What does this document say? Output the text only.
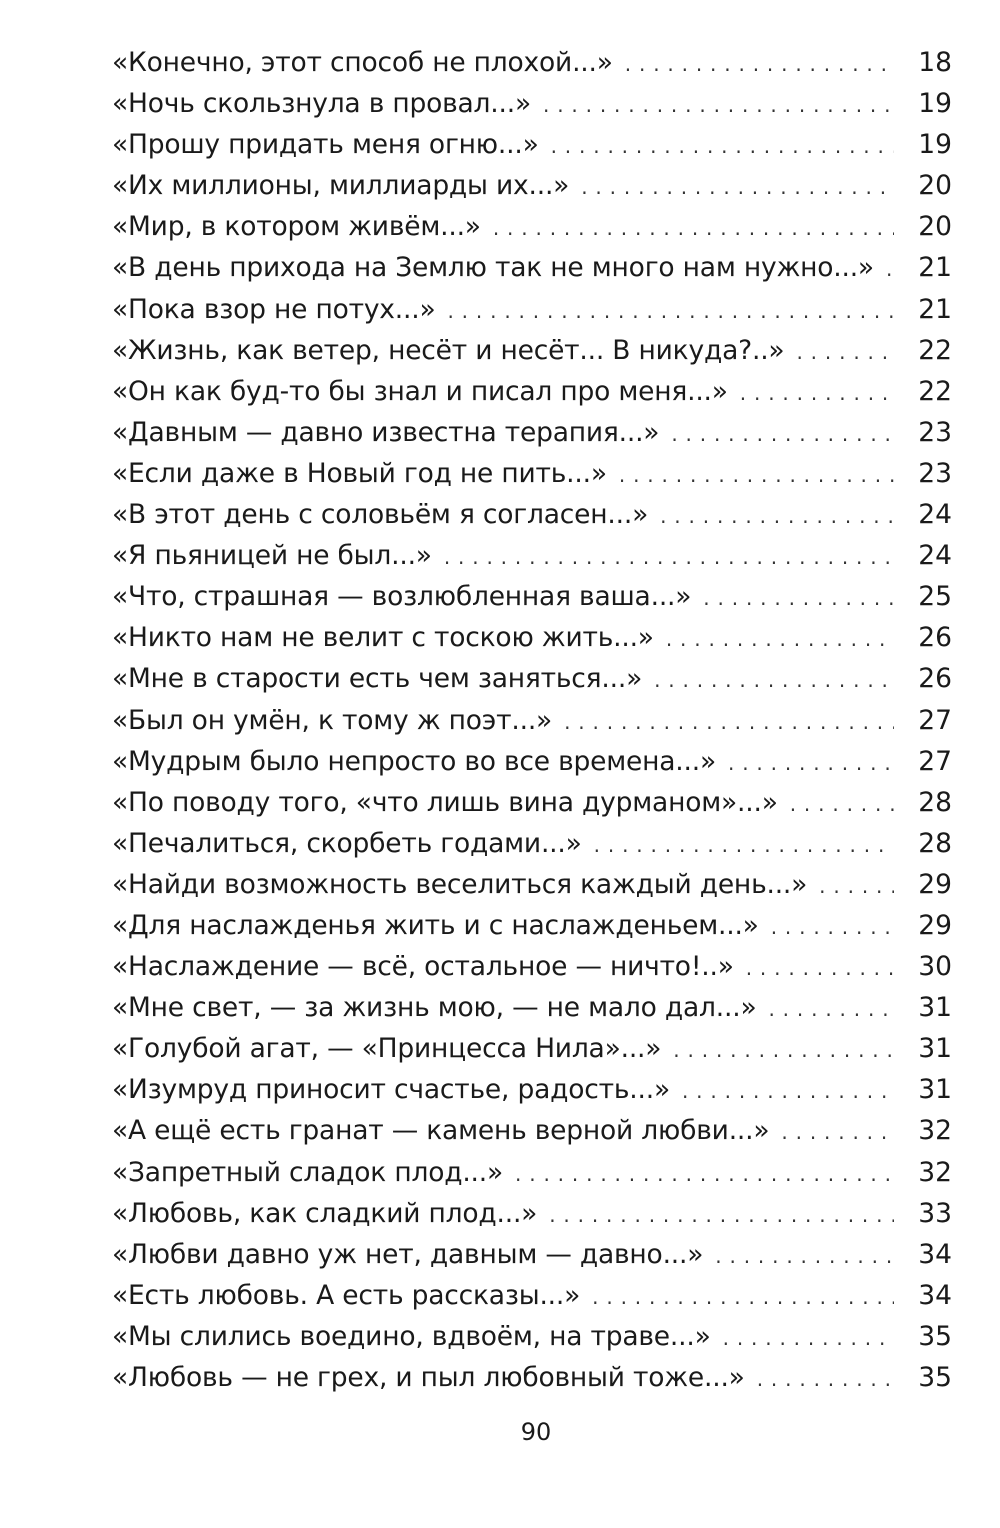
«Конечно, этот способ не плохой...» . . .	18
«Ночь скользнула в провал...» . . .	19
«Прошу придать меня огню...» . . .	19
«Их миллионы, миллиарды их...» . . .	20
«Мир, в котором живём...» . . .	20
«В день прихода на Землю так не много нам нужно...» . . .	21
«Пока взор не потух...» . . .	21
«Жизнь, как ветер, несёт и несёт... В никуда?..» . . .	22
«Он как буд-то бы знал и писал про меня...» . . .	22
«Давным — давно известна терапия...» . . .	23
«Если даже в Новый год не пить...» . . .	23
«В этот день с соловьём я согласен...» . . .	24
«Я пьяницей не был...» . . .	24
«Что, страшная — возлюбленная ваша...» . . .	25
«Никто нам не велит с тоскою жить...» . . .	26
«Мне в старости есть чем заняться...» . . .	26
«Был он умён, к тому ж поэт...» . . .	27
«Мудрым было непросто во все времена...» . . .	27
«По поводу того, «что лишь вина дурманом»...» . . .	28
«Печалиться, скорбеть годами...» . . .	28
«Найди возможность веселиться каждый день...» . . .	29
«Для наслажденья жить и с наслажденьем...» . . .	29
«Наслаждение — всё, остальное — ничто!..» . . .	30
«Мне свет, — за жизнь мою, — не мало дал...» . . .	31
«Голубой агат, — «Принцесса Нила»...» . . .	31
«Изумруд приносит счастье, радость...» . . .	31
«А ещё есть гранат — камень верной любви...» . . .	32
«Запретный сладок плод...» . . .	32
«Любовь, как сладкий плод...» . . .	33
«Любви давно уж нет, давным — давно...» . . .	34
«Есть любовь. А есть рассказы...» . . .	34
«Мы слились воедино, вдвоём, на траве...» . . .	35
«Любовь — не грех, и пыл любовный тоже...» . . .	35
90
